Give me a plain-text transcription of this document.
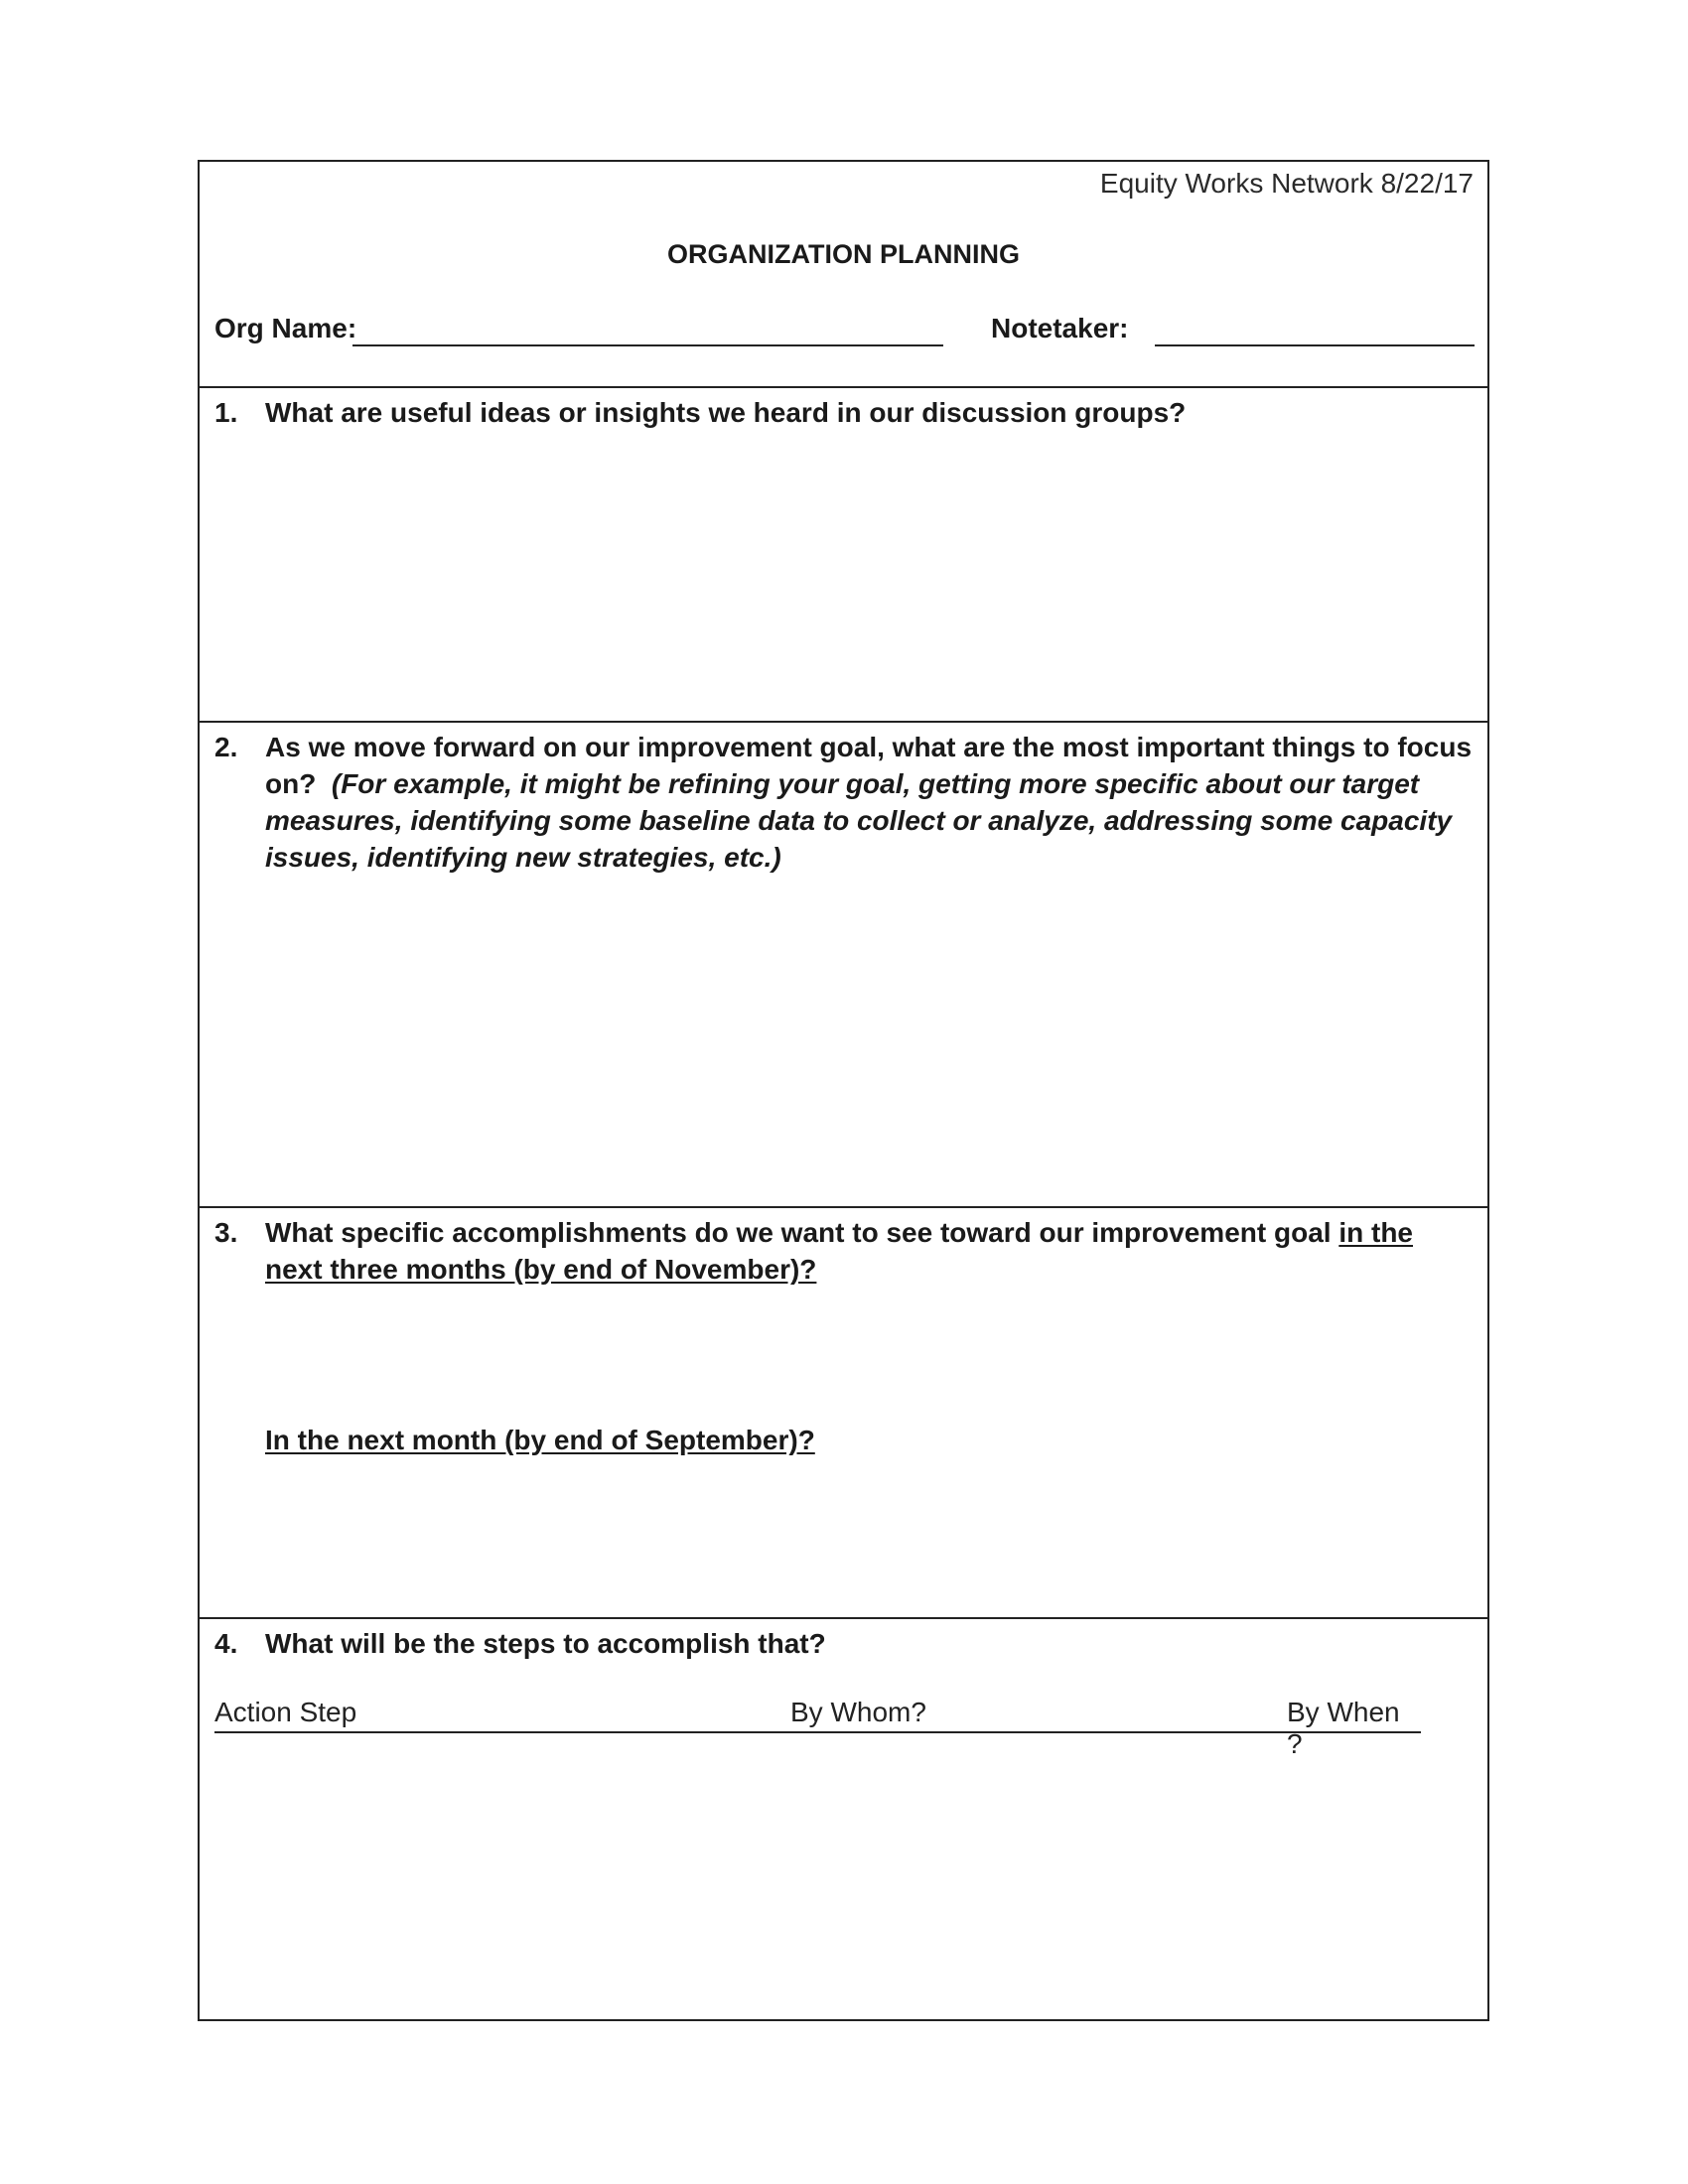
Equity Works Network 8/22/17
ORGANIZATION PLANNING
Org Name:	Notetaker:
1. What are useful ideas or insights we heard in our discussion groups?
2. As we move forward on our improvement goal, what are the most important things to focus on? (For example, it might be refining your goal, getting more specific about our target measures, identifying some baseline data to collect or analyze, addressing some capacity issues, identifying new strategies, etc.)
3. What specific accomplishments do we want to see toward our improvement goal in the next three months (by end of November)?
In the next month (by end of September)?
4. What will be the steps to accomplish that?
Action Step	By Whom?	By When ?
